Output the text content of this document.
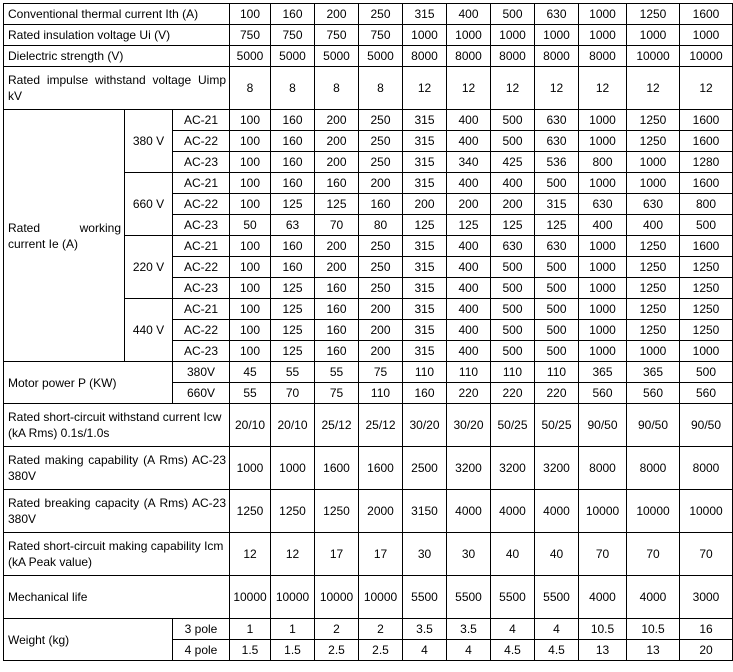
Conventional thermal current Ith (A)			100	160	200	250	315	400	500	630	1000	1250	1600
Rated insulation voltage Ui (V)			750	750	750	750	1000	1000	1000	1000	1000	1000	1000
Dielectric strength (V)			5000	5000	5000	5000	8000	8000	8000	8000	8000	10000	10000
Rated impulse withstand voltage Uimp kV			8	8	8	8	12	12	12	12	12	12	12
Rated working current Ie (A)	380 V	AC-21	100	160	200	250	315	400	500	630	1000	1250	1600
		AC-22	100	160	200	250	315	400	500	630	1000	1250	1600
		AC-23	100	160	200	250	315	340	425	536	800	1000	1280
	660 V	AC-21	100	160	160	200	315	400	400	500	1000	1000	1600
		AC-22	100	125	125	160	200	200	200	315	630	630	800
		AC-23	50	63	70	80	125	125	125	125	400	400	500
	220 V	AC-21	100	160	200	250	315	400	630	630	1000	1250	1600
		AC-22	100	160	200	250	315	400	500	500	1000	1250	1250
		AC-23	100	125	160	250	315	400	500	500	1000	1250	1250
	440 V	AC-21	100	125	160	200	315	400	500	500	1000	1250	1250
		AC-22	100	125	160	200	315	400	500	500	1000	1250	1250
		AC-23	100	125	160	200	315	400	500	500	1000	1000	1000
Motor power P (KW)		380V	45	55	55	75	110	110	110	110	365	365	500
		660V	55	70	75	110	160	220	220	220	560	560	560
Rated short-circuit withstand current Icw (kA Rms) 0.1s/1.0s			20/10	20/10	25/12	25/12	30/20	30/20	50/25	50/25	90/50	90/50	90/50
Rated making capability (A Rms) AC-23 380V			1000	1000	1600	1600	2500	3200	3200	3200	8000	8000	8000
Rated breaking capacity (A Rms) AC-23 380V			1250	1250	1250	2000	3150	4000	4000	4000	10000	10000	10000
Rated short-circuit making capability Icm (kA Peak value)			12	12	17	17	30	30	40	40	70	70	70
Mechanical life			10000	10000	10000	10000	5500	5500	5500	5500	4000	4000	3000
Weight (kg)		3 pole	1	1	2	2	3.5	3.5	4	4	10.5	10.5	16
		4 pole	1.5	1.5	2.5	2.5	4	4	4.5	4.5	13	13	20
